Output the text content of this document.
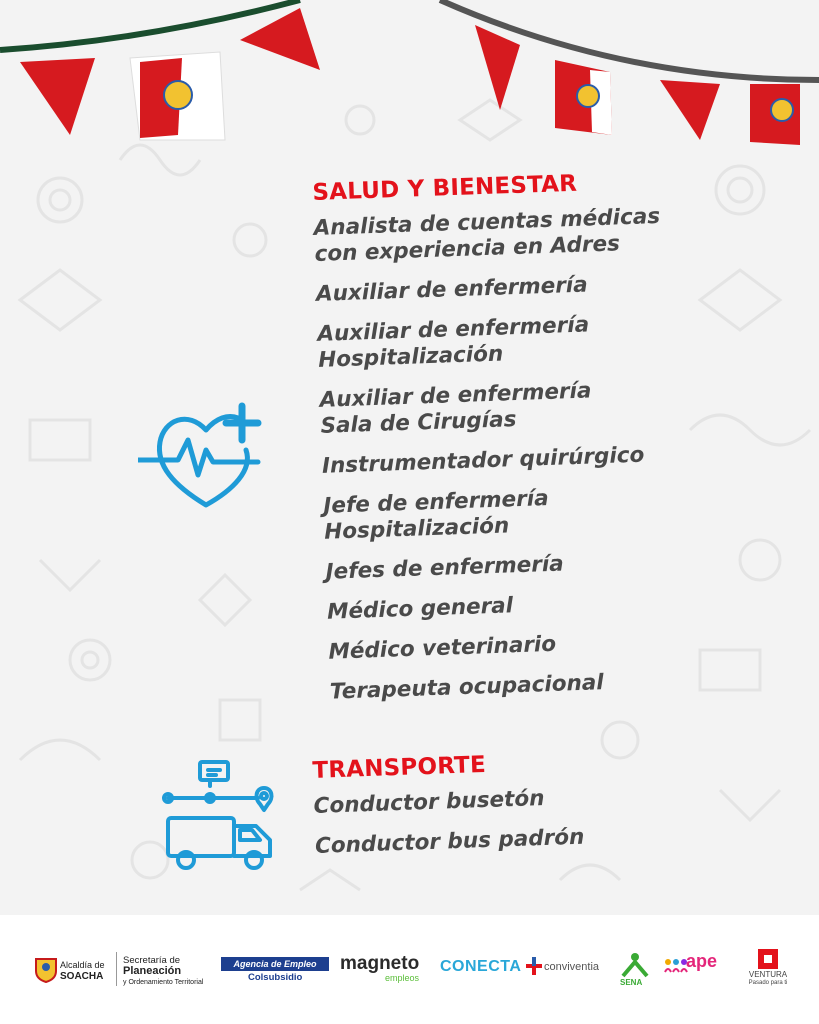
SALUD Y BIENESTAR
Analista de cuentas médicas
con experiencia en Adres
Auxiliar de enfermería
Auxiliar de enfermería
Hospitalización
Auxiliar de enfermería
Sala de Cirugías
Instrumentador quirúrgico
Jefe de enfermería
Hospitalización
Jefes de enfermería
Médico general
Médico veterinario
Terapeuta ocupacional
TRANSPORTE
Conductor busetón
Conductor bus padrón
Alcaldía de
SOACHA
Secretaría de
Planeación
y Ordenamiento Territorial
Agencia de Empleo
Colsubsidio
magneto
empleos
CONECTA conviventia
SENA
ape
VENTURA
Pasado para ti
